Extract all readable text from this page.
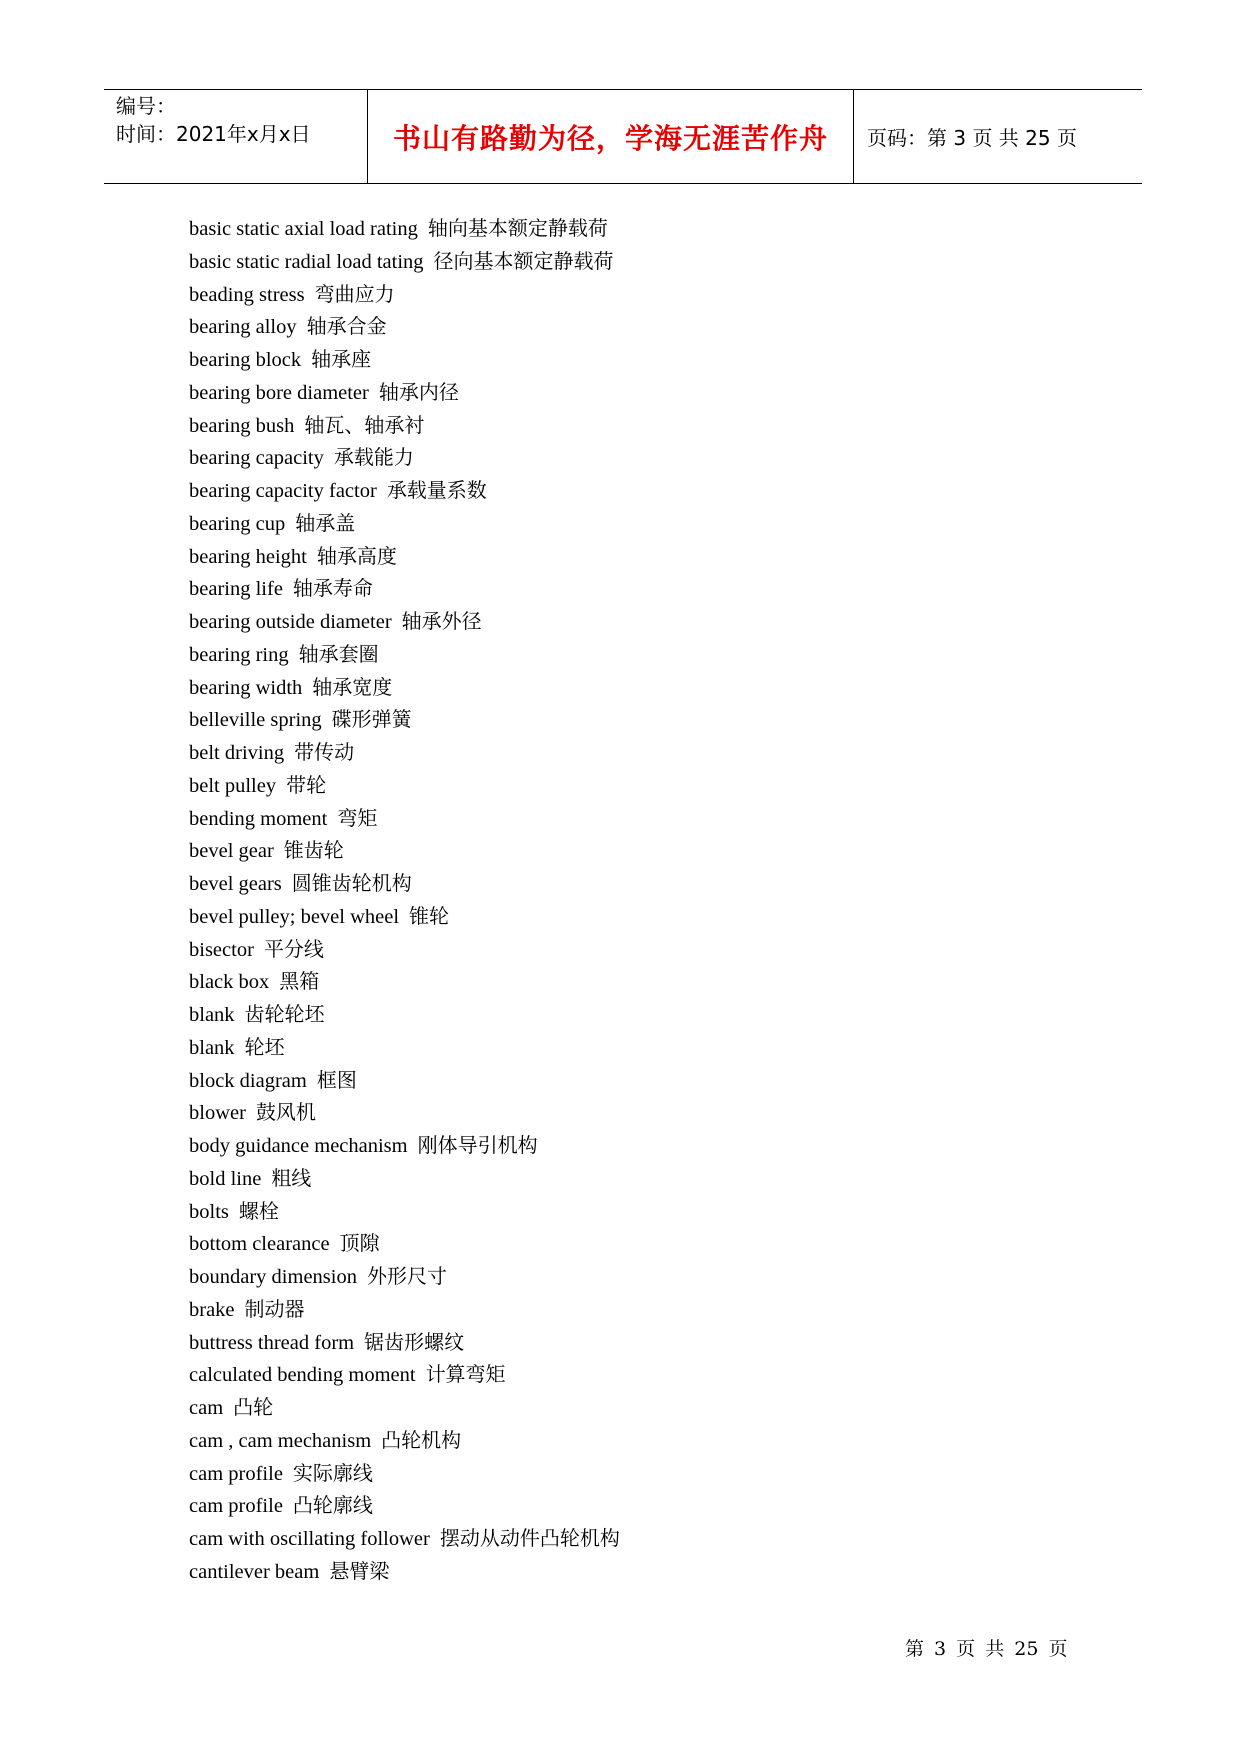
编号：
时间：2021年x月x日	书山有路勤为径，学海无涯苦作舟 页码：第 3 页 共 25 页
basic static axial load rating 轴向基本额定静载荷
basic static radial load tating 径向基本额定静载荷
beading stress 弯曲应力
bearing alloy 轴承合金
bearing block 轴承座
bearing bore diameter 轴承内径
bearing bush 轴瓦、轴承衬
bearing capacity 承载能力
bearing capacity factor 承载量系数
bearing cup 轴承盖
bearing height 轴承高度
bearing life 轴承寿命
bearing outside diameter 轴承外径
bearing ring 轴承套圈
bearing width 轴承宽度
belleville spring 碟形弹簧
belt driving 带传动
belt pulley 带轮
bending moment 弯矩
bevel gear 锥齿轮
bevel gears 圆锥齿轮机构
bevel pulley; bevel wheel 锥轮
bisector 平分线
black box 黑箱
blank 齿轮轮坯
blank 轮坯
block diagram 框图
blower 鼓风机
body guidance mechanism 刚体导引机构
bold line 粗线
bolts 螺栓
bottom clearance 顶隙
boundary dimension 外形尺寸
brake 制动器
buttress thread form 锯齿形螺纹
calculated bending moment 计算弯矩
cam 凸轮
cam , cam mechanism 凸轮机构
cam profile 实际廓线
cam profile 凸轮廓线
cam with oscillating follower 摆动从动件凸轮机构
cantilever beam 悬臂梁
第 3 页 共 25 页
